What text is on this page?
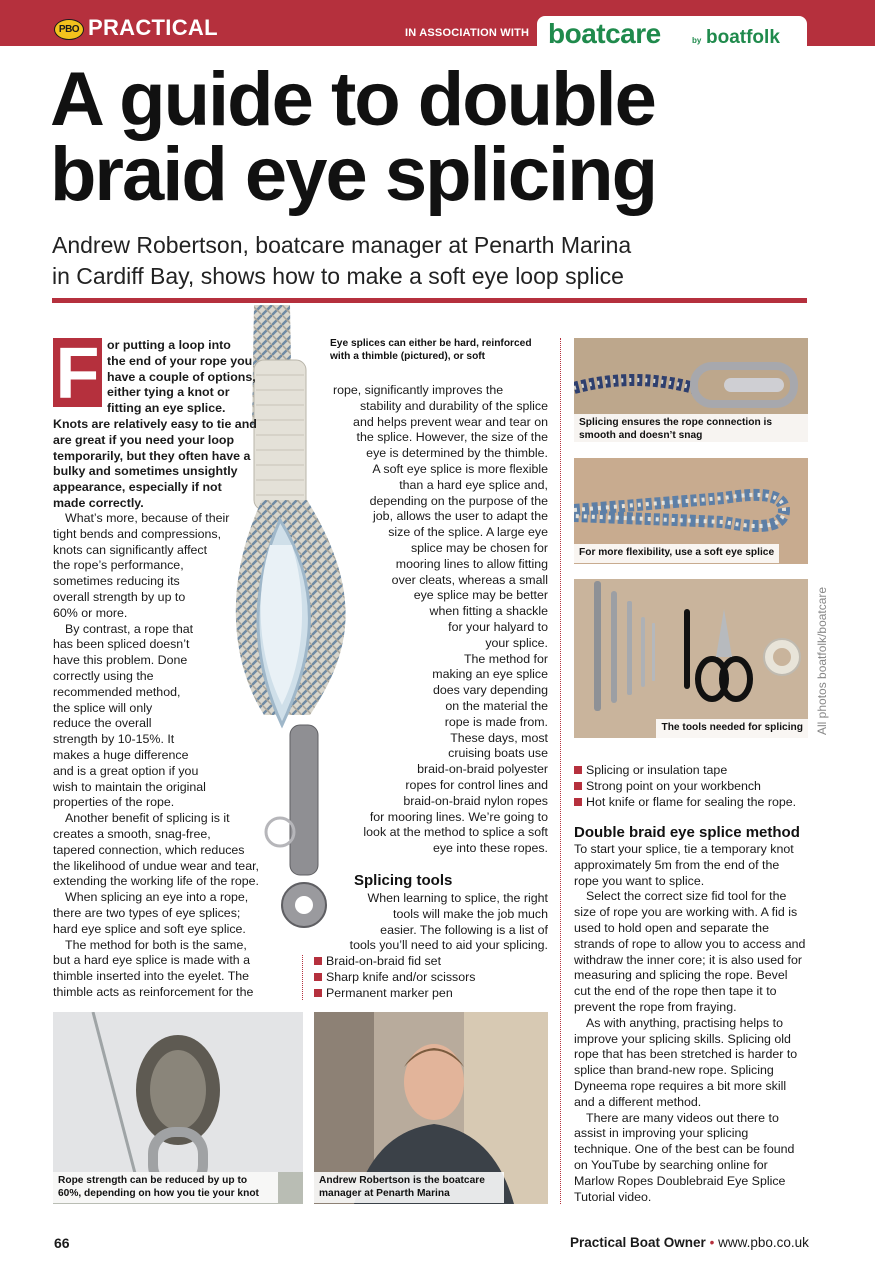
PBO PRACTICAL	IN ASSOCIATION WITH boatcare	by boatfolk
A guide to double
braid eye splicing
Andrew Robertson, boatcare manager at Penarth Marina
in Cardiff Bay, shows how to make a soft eye loop splice
F or putting a loop into

the end of your rope you

have a couple of options,

either tying a knot or

fitting an eye splice.

Knots are relatively easy to tie and

are great if you need your loop

temporarily, but they often have a

bulky and sometimes unsightly

appearance, especially if not

made correctly.

What’s more, because of their

tight bends and compressions,

knots can significantly affect

the rope’s performance,

sometimes reducing its

overall strength by up to

60% or more.

By contrast, a rope that

has been spliced doesn’t

have this problem. Done

correctly using the

recommended method,

the splice will only

reduce the overall

strength by 10-15%. It

makes a huge difference

and is a great option if you

wish to maintain the original

properties of the rope.

Another benefit of splicing is it

creates a smooth, snag-free,

tapered connection, which reduces

the likelihood of undue wear and tear,

extending the working life of the rope.

When splicing an eye into a rope,

there are two types of eye splices;

hard eye splice and soft eye splice.

The method for both is the same,

but a hard eye splice is made with a

thimble inserted into the eyelet. The

thimble acts as reinforcement for the

Eye splices can either be hard, reinforced with a thimble (pictured), or soft

rope, significantly improves the

stability and durability of the splice

and helps prevent wear and tear on

the splice. However, the size of the

eye is determined by the thimble.

A soft eye splice is more flexible

than a hard eye splice and,

depending on the purpose of the

job, allows the user to adapt the

size of the splice. A large eye

splice may be chosen for

mooring lines to allow fitting

over cleats, whereas a small

eye splice may be better

when fitting a shackle

for your halyard to

your splice.

The method for

making an eye splice

does vary depending

on the material the

rope is made from.

These days, most

cruising boats use

braid-on-braid polyester

ropes for control lines and

braid-on-braid nylon ropes

for mooring lines. We’re going to

look at the method to splice a soft

eye into these ropes.

Splicing tools

When learning to splice, the right

tools will make the job much

easier. The following is a list of

tools you’ll need to aid your splicing.

Braid-on-braid fid set

Sharp knife and/or scissors

Permanent marker pen

Splicing ensures the rope connection is smooth and doesn’t snag
For more flexibility, use a soft eye splice
The tools needed for splicing	All photos boatfolk/boatcare

Splicing or insulation tape

Strong point on your workbench

Hot knife or flame for sealing the rope.

Double braid eye splice method

To start your splice, tie a temporary knot

approximately 5m from the end of the

rope you want to splice.

Select the correct size fid tool for the

size of rope you are working with. A fid is

used to hold open and separate the

strands of rope to allow you to access and

withdraw the inner core; it is also used for

measuring and splicing the rope. Bevel

cut the end of the rope then tape it to

prevent the rope from fraying.

As with anything, practising helps to

improve your splicing skills. Splicing old

rope that has been stretched is harder to

splice than brand-new rope. Splicing

Dyneema rope requires a bit more skill

and a different method.

There are many videos out there to

assist in improving your splicing

technique. One of the best can be found

on YouTube by searching online for

Marlow Ropes Doublebraid Eye Splice

Tutorial video.

Rope strength can be reduced by up to 60%, depending on how you tie your knot
Andrew Robertson is the boatcare manager at Penarth Marina
66	Practical Boat Owner • www.pbo.co.uk
